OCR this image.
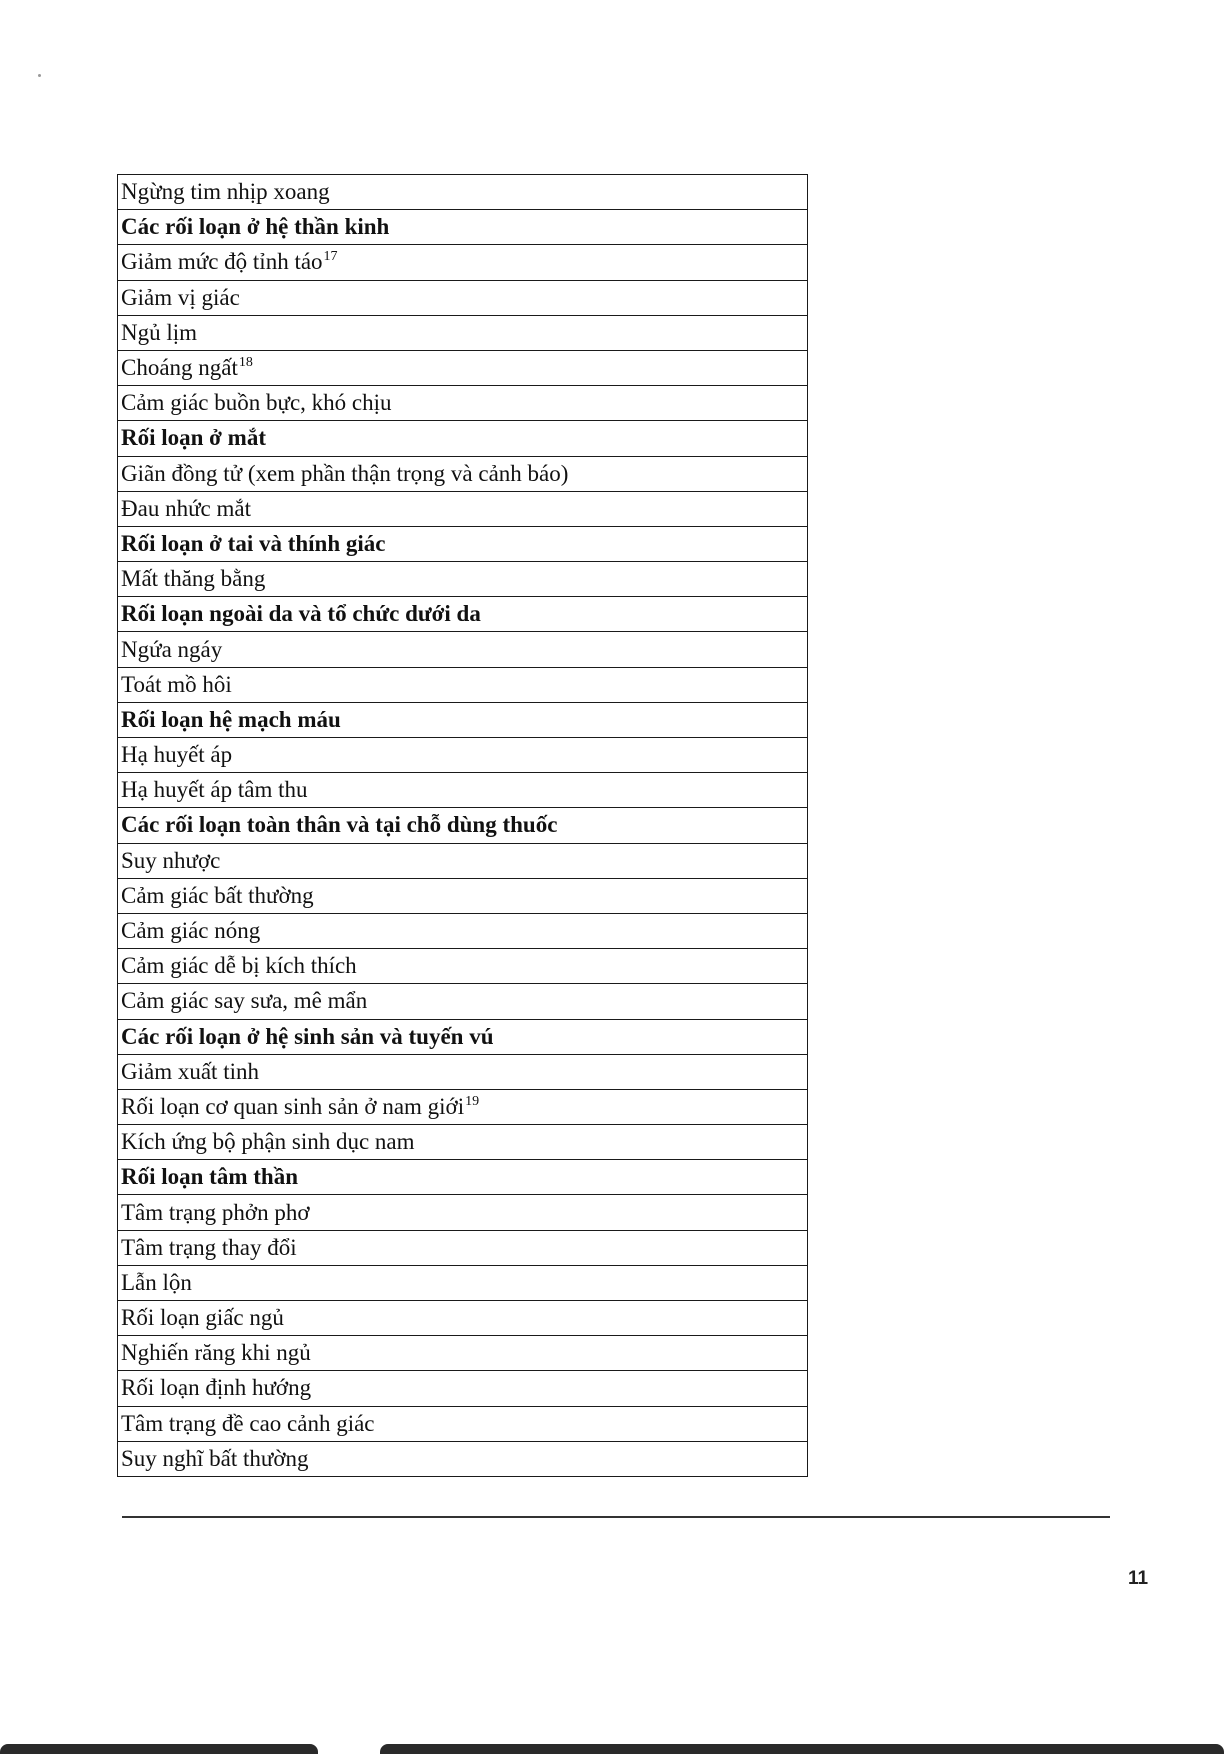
Ngừng tim nhịp xoang
Các rối loạn ở hệ thần kinh
Giảm mức độ tỉnh táo$^{17}$
Giảm vị giác
Ngủ lịm
Choáng ngất$^{18}$
Cảm giác buồn bực, khó chịu
Rối loạn ở mắt
Giãn đồng tử (xem phần thận trọng và cảnh báo)
Đau nhức mắt
Rối loạn ở tai và thính giác
Mất thăng bằng
Rối loạn ngoài da và tổ chức dưới da
Ngứa ngáy
Toát mồ hôi
Rối loạn hệ mạch máu
Hạ huyết áp
Hạ huyết áp tâm thu
Các rối loạn toàn thân và tại chỗ dùng thuốc
Suy nhược
Cảm giác bất thường
Cảm giác nóng
Cảm giác dễ bị kích thích
Cảm giác say sưa, mê mẩn
Các rối loạn ở hệ sinh sản và tuyến vú
Giảm xuất tinh
Rối loạn cơ quan sinh sản ở nam giới$^{19}$
Kích ứng bộ phận sinh dục nam
Rối loạn tâm thần
Tâm trạng phởn phơ
Tâm trạng thay đổi
Lẫn lộn
Rối loạn giấc ngủ
Nghiến răng khi ngủ
Rối loạn định hướng
Tâm trạng đề cao cảnh giác
Suy nghĩ bất thường
11
